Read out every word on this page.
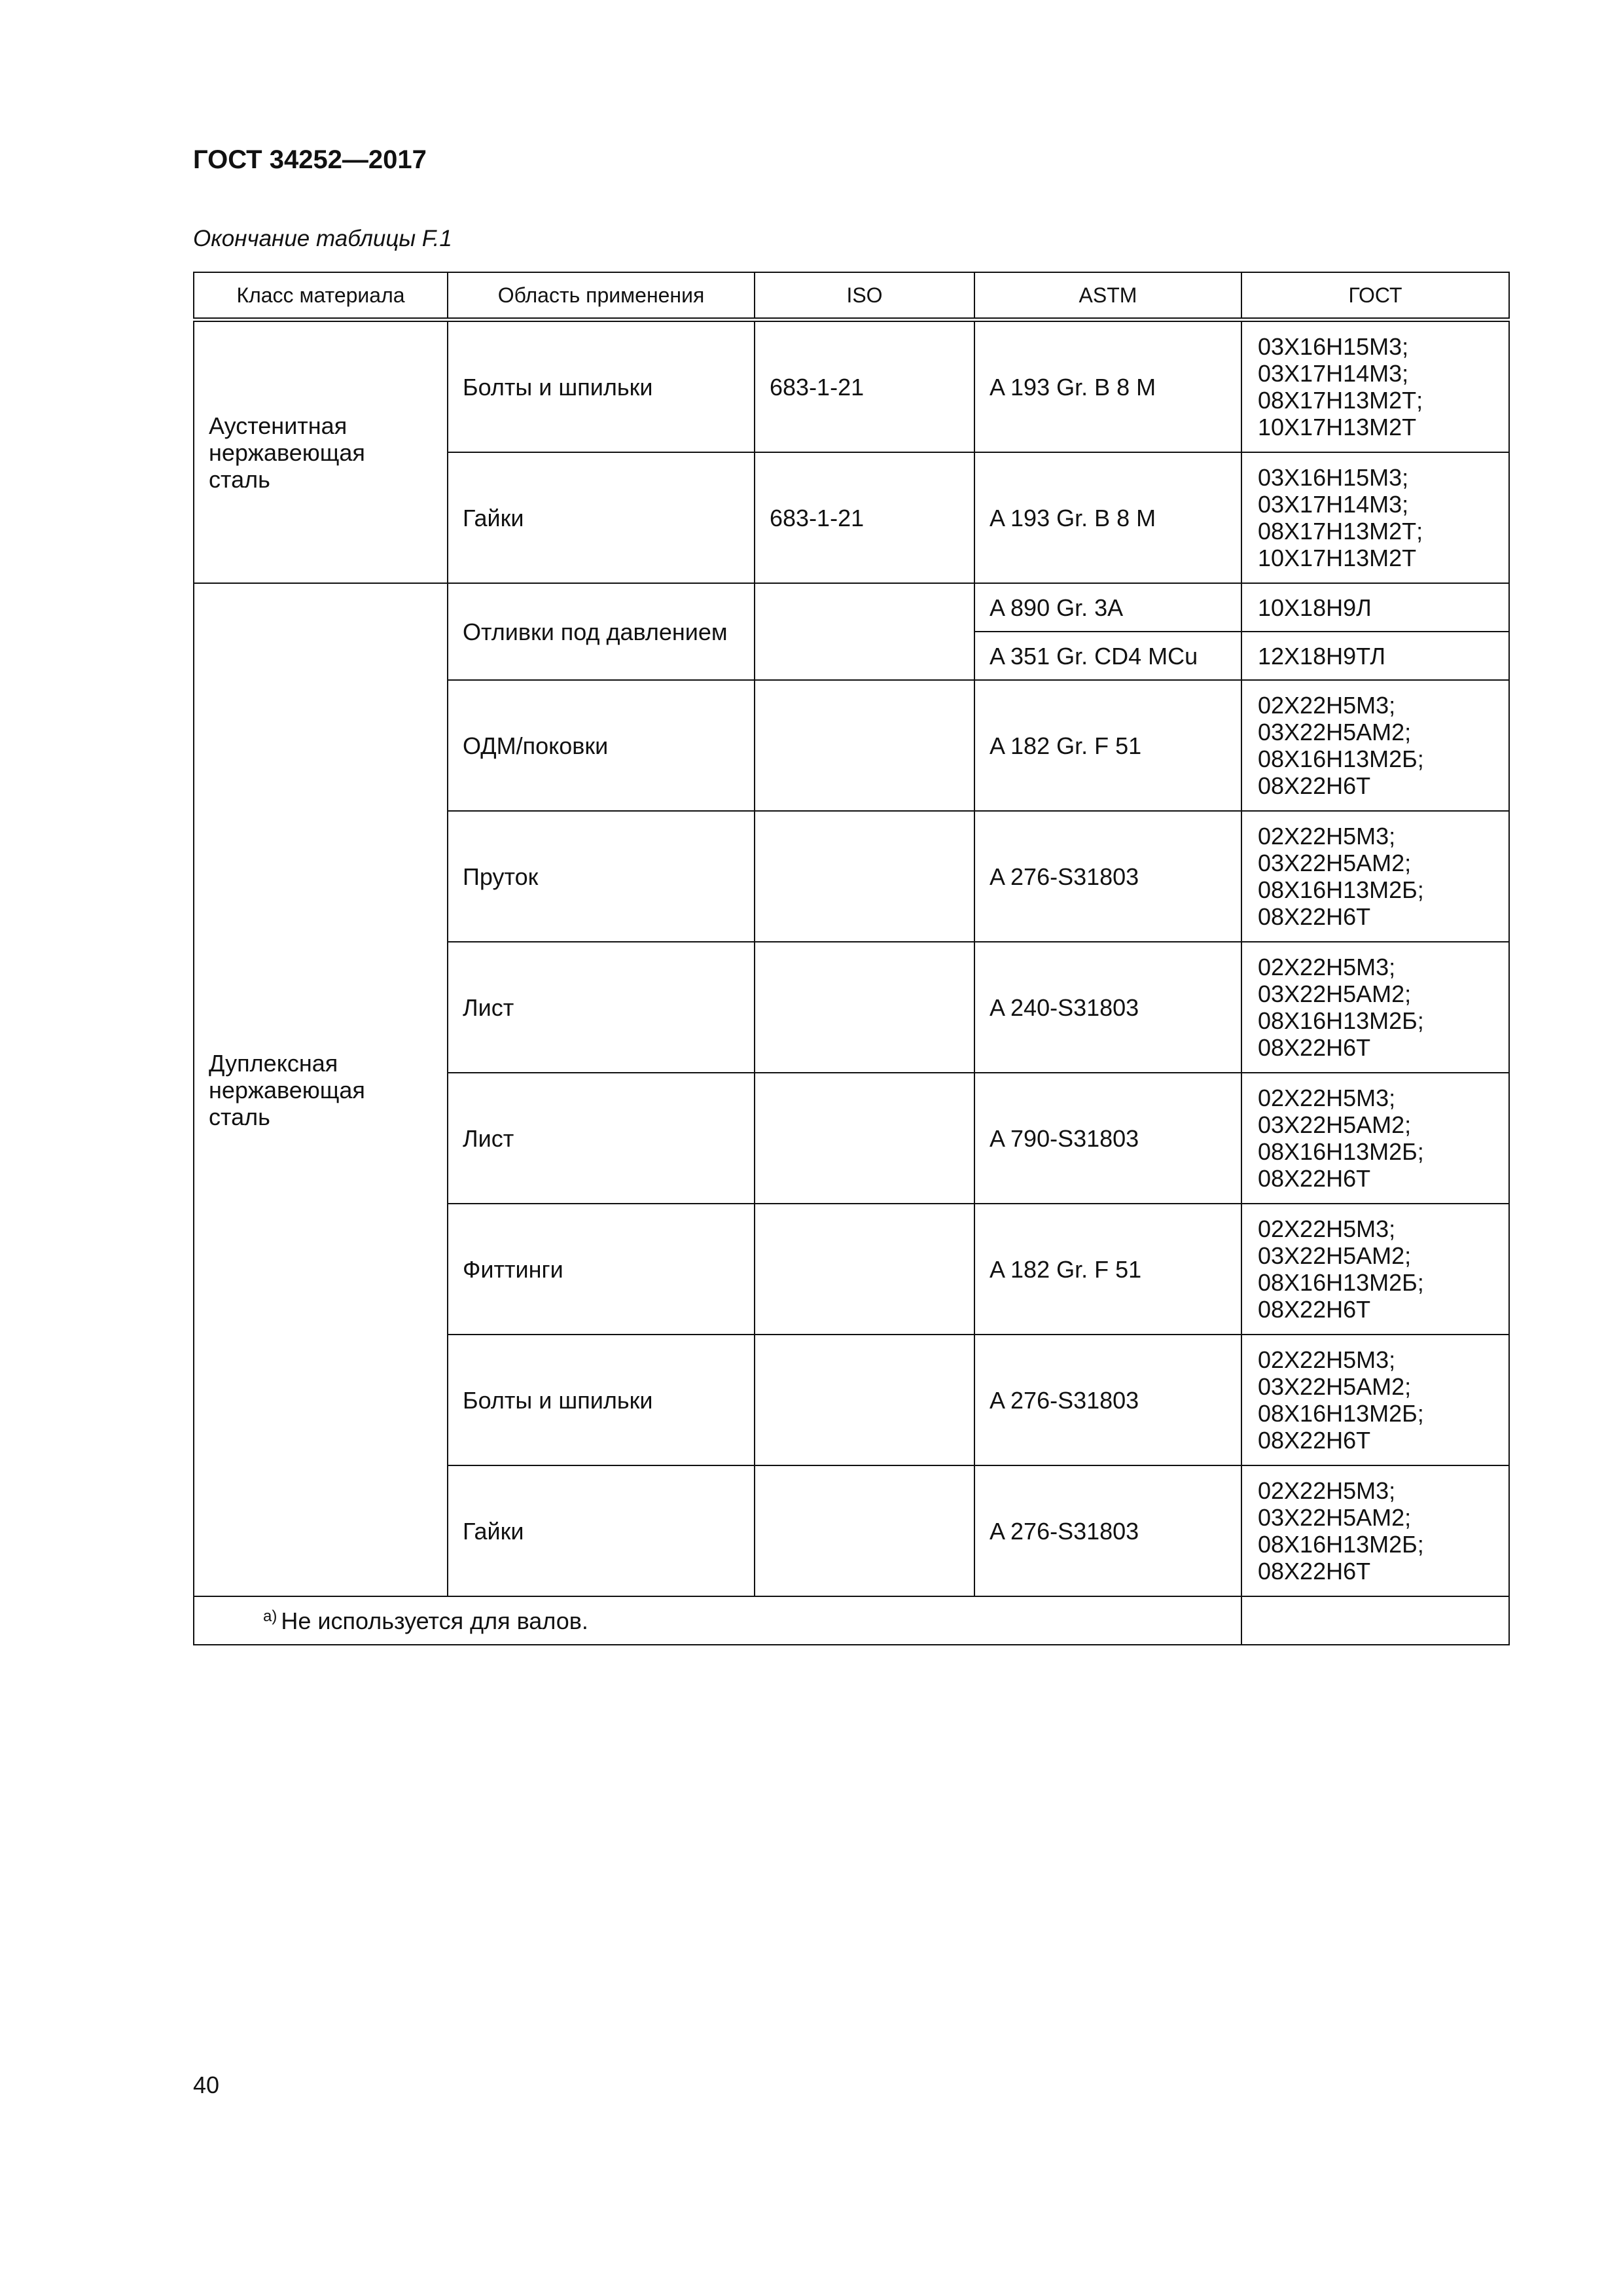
ГОСТ 34252—2017
Окончание таблицы F.1
Класс материала	Область применения	ISO	ASTM	ГОСТ

Аустенитная
нержавеющая
сталь	Болты и шпильки	683-1-21	A 193 Gr. B 8 M	03Х16Н15М3;
03Х17Н14М3;
08Х17Н13М2Т;
10Х17Н13М2Т

	Гайки	683-1-21	A 193 Gr. B 8 M	03Х16Н15М3;
03Х17Н14М3;
08Х17Н13М2Т;
10Х17Н13М2Т

Дуплексная
нержавеющая
сталь	Отливки под давлением		A 890 Gr. 3A	10Х18Н9Л
			A 351 Gr. CD4 MCu	12Х18Н9ТЛ
	ОДМ/поковки		A 182 Gr. F 51	02Х22Н5М3;
03Х22Н5АМ2;
08Х16Н13М2Б;
08Х22Н6Т

	Пруток		A 276-S31803	02Х22Н5М3;
03Х22Н5АМ2;
08Х16Н13М2Б;
08Х22Н6Т

	Лист		A 240-S31803	02Х22Н5М3;
03Х22Н5АМ2;
08Х16Н13М2Б;
08Х22Н6Т

	Лист		A 790-S31803	02Х22Н5М3;
03Х22Н5АМ2;
08Х16Н13М2Б;
08Х22Н6Т

	Фиттинги		A 182 Gr. F 51	02Х22Н5М3;
03Х22Н5АМ2;
08Х16Н13М2Б;
08Х22Н6Т

	Болты и шпильки		A 276-S31803	02Х22Н5М3;
03Х22Н5АМ2;
08Х16Н13М2Б;
08Х22Н6Т

	Гайки		A 276-S31803	02Х22Н5М3;
03Х22Н5АМ2;
08Х16Н13М2Б;
08Х22Н6Т

$^{a)}$ Не используется для валов.				
40
